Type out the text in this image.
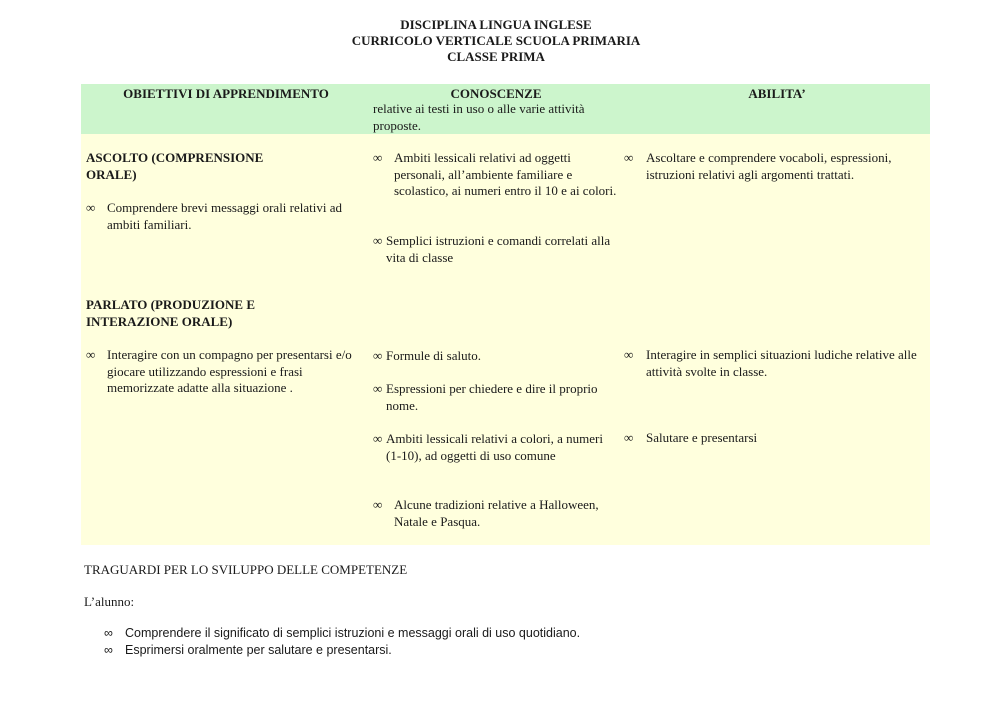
DISCIPLINA LINGUA INGLESE
CURRICOLO VERTICALE SCUOLA PRIMARIA
CLASSE PRIMA
OBIETTIVI DI APPRENDIMENTO	CONOSCENZE
relative ai testi in uso o alle varie attività proposte.
ABILITA’
ASCOLTO (COMPRENSIONE
ORALE)
∞ Comprendere brevi messaggi orali relativi ad ambiti familiari.
∞ Ambiti lessicali relativi ad oggetti personali, all’ambiente familiare e scolastico, ai numeri entro il 10 e ai colori.
∞ Semplici istruzioni e comandi correlati alla vita di classe
∞ Ascoltare e comprendere vocaboli, espressioni, istruzioni relativi agli argomenti trattati.
PARLATO (PRODUZIONE E
INTERAZIONE ORALE)
∞ Interagire con un compagno per presentarsi e/o giocare utilizzando espressioni e frasi memorizzate adatte alla situazione .
∞ Formule di saluto.
∞ Espressioni per chiedere e dire il proprio nome.
∞ Ambiti lessicali relativi a colori, a numeri (1-10), ad oggetti di uso comune
∞ Alcune tradizioni relative a Halloween, Natale e Pasqua.
∞ Interagire in semplici situazioni ludiche relative alle attività svolte in classe.
∞ Salutare e presentarsi
TRAGUARDI PER LO SVILUPPO DELLE COMPETENZE
L’alunno:
∞ Comprendere il significato di semplici istruzioni e messaggi orali di uso quotidiano.
∞ Esprimersi oralmente per salutare e presentarsi.
